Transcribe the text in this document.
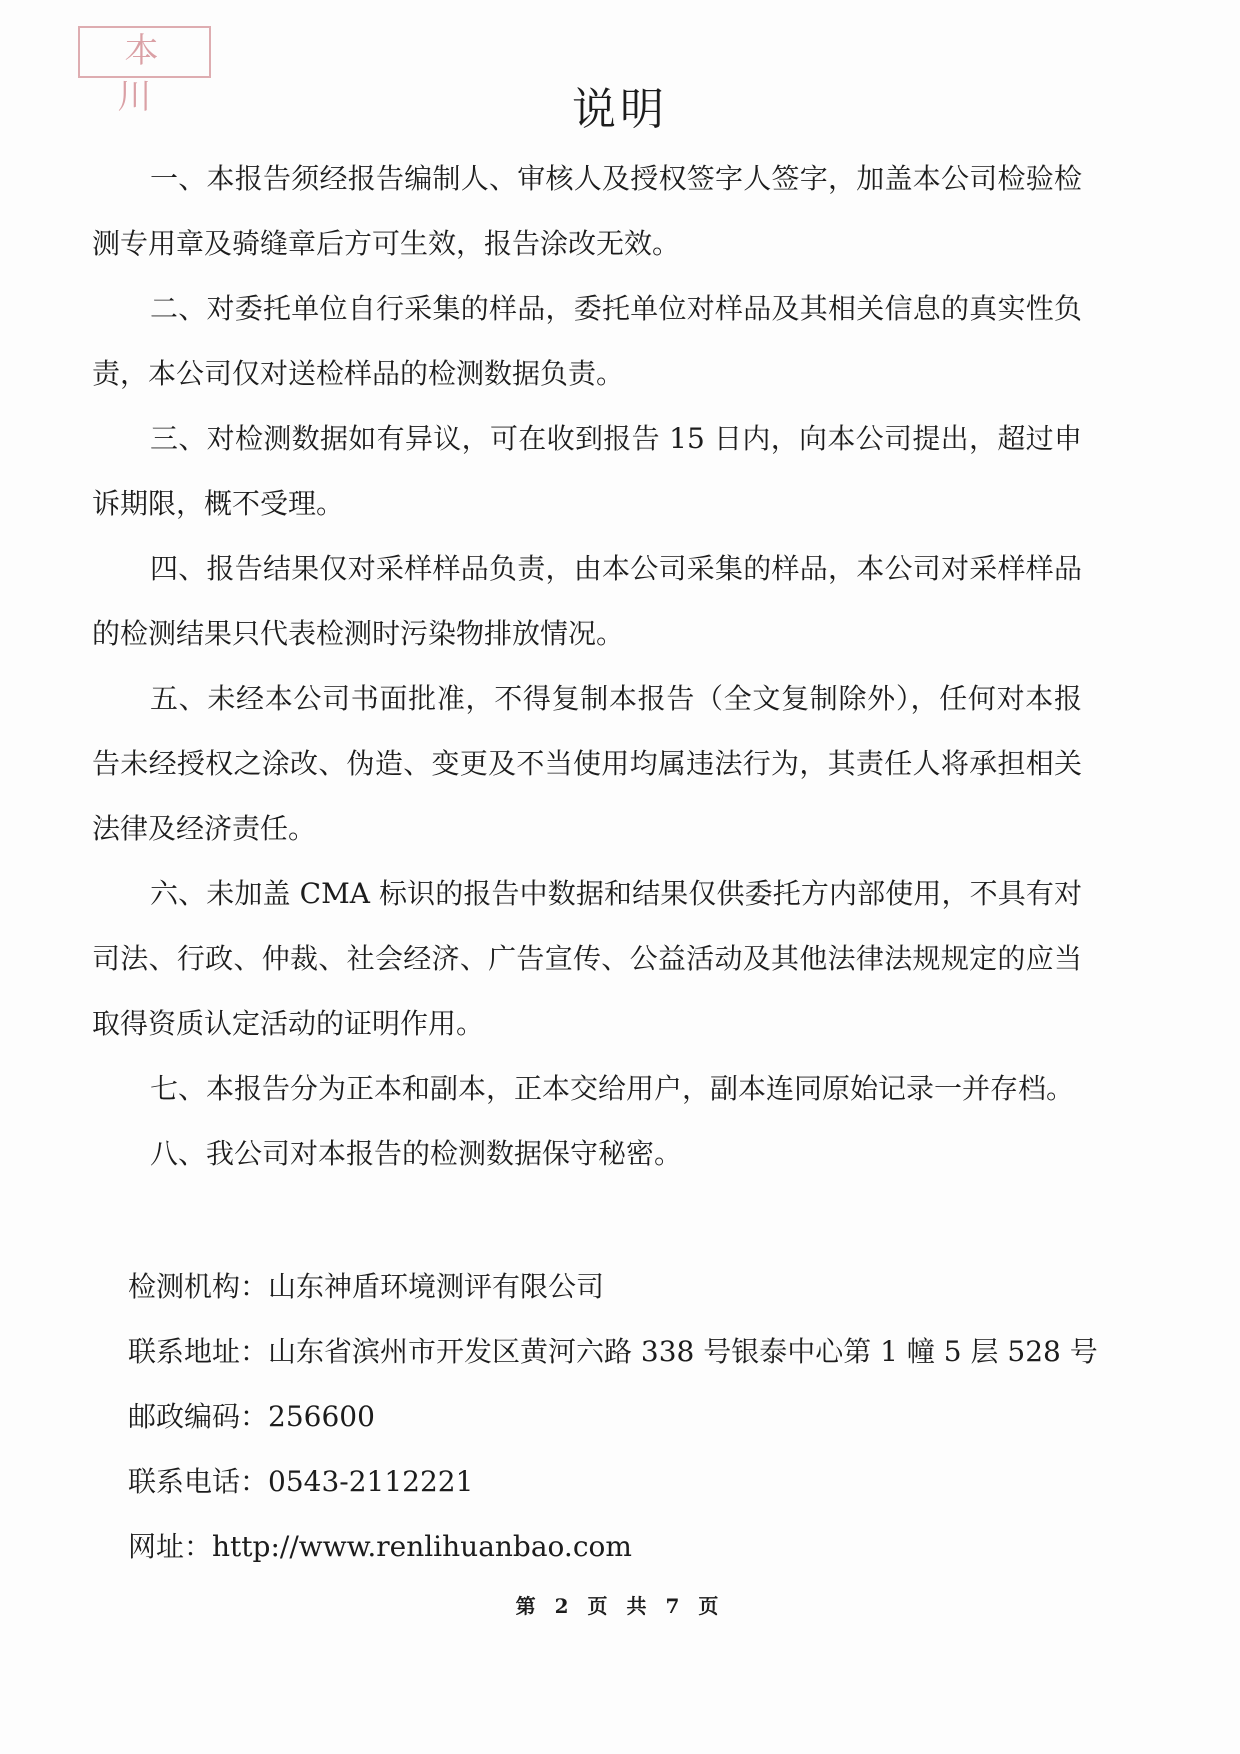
本 川	说明

一、本报告须经报告编制人、审核人及授权签字人签字，加盖本公司检验检测专用章及骑缝章后方可生效，报告涂改无效。

二、对委托单位自行采集的样品，委托单位对样品及其相关信息的真实性负责，本公司仅对送检样品的检测数据负责。

三、对检测数据如有异议，可在收到报告 15 日内，向本公司提出，超过申诉期限，概不受理。

四、报告结果仅对采样样品负责，由本公司采集的样品，本公司对采样样品的检测结果只代表检测时污染物排放情况。

五、未经本公司书面批准，不得复制本报告（全文复制除外），任何对本报告未经授权之涂改、伪造、变更及不当使用均属违法行为，其责任人将承担相关法律及经济责任。

六、未加盖 CMA 标识的报告中数据和结果仅供委托方内部使用，不具有对司法、行政、仲裁、社会经济、广告宣传、公益活动及其他法律法规规定的应当取得资质认定活动的证明作用。

七、本报告分为正本和副本，正本交给用户，副本连同原始记录一并存档。

八、我公司对本报告的检测数据保守秘密。

检测机构：山东神盾环境测评有限公司
联系地址：山东省滨州市开发区黄河六路 338 号银泰中心第 1 幢 5 层 528 号
邮政编码：256600
联系电话：0543-2112221
网址：http://www.renlihuanbao.com
第 2 页 共 7 页
